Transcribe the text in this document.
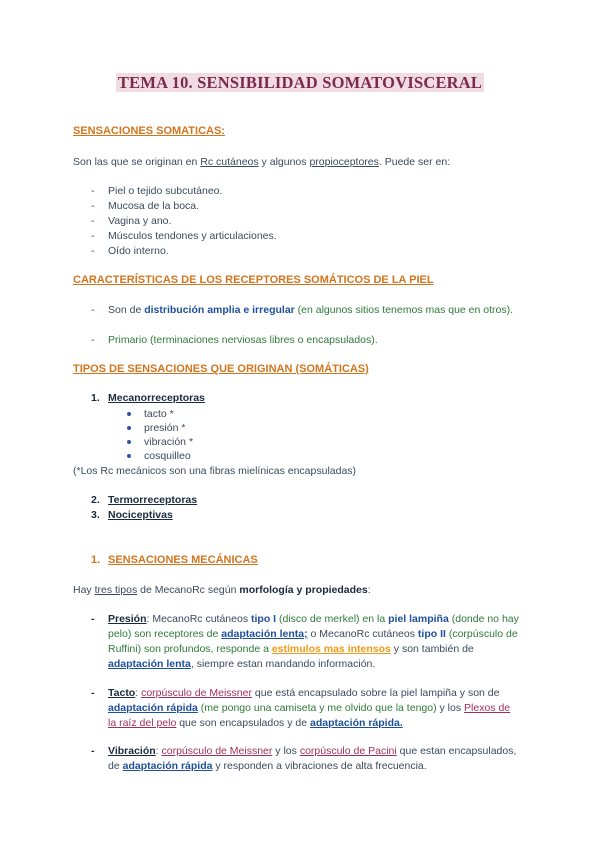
TEMA 10. SENSIBILIDAD SOMATOVISCERAL
SENSACIONES SOMATICAS:
Son las que se originan en Rc cutáneos y algunos propioceptores. Puede ser en:
- Piel o tejido subcutáneo.
- Mucosa de la boca.
- Vagina y ano.
- Músculos tendones y articulaciones.
- Oído interno.
CARACTERÍSTICAS DE LOS RECEPTORES SOMÁTICOS DE LA PIEL
- Son de distribución amplia e irregular (en algunos sitios tenemos mas que en otros).
- Primario (terminaciones nerviosas libres o encapsulados).
TIPOS DE SENSACIONES QUE ORIGINAN (SOMÁTICAS)
1. Mecanorreceptoras
tacto *
presión *
vibración *
cosquilleo
(*Los Rc mecánicos son una fibras mielínicas encapsuladas)
2. Termorreceptoras
3. Nociceptivas
1. SENSACIONES MECÁNICAS
Hay tres tipos de MecanoRc según morfología y propiedades:
- Presión: MecanoRc cutáneos tipo I (disco de merkel) en la piel lampiña (donde no hay pelo) son receptores de adaptación lenta; o MecanoRc cutáneos tipo II (corpúsculo de Ruffini) son profundos, responde a estímulos mas intensos y son también de adaptación lenta, siempre estan mandando información.
- Tacto: corpúsculo de Meissner que está encapsulado sobre la piel lampiña y son de adaptación rápida (me pongo una camiseta y me olvido que la tengo) y los Plexos de la raíz del pelo que son encapsulados y de adaptación rápida.
- Vibración: corpúsculo de Meissner y los corpúsculo de Pacini que estan encapsulados, de adaptación rápida y responden a vibraciones de alta frecuencia.
